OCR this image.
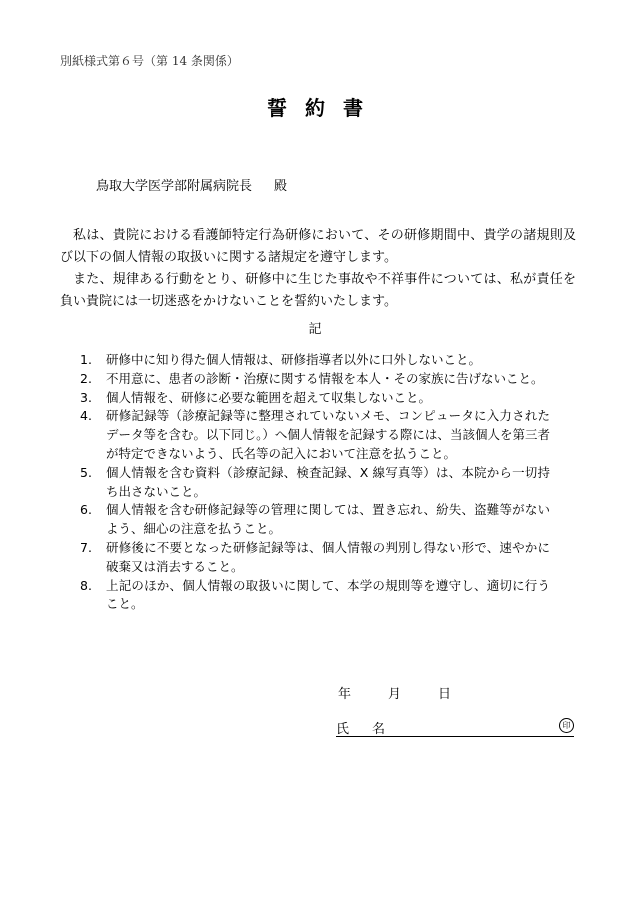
別紙様式第６号（第 14 条関係）
誓約書
鳥取大学医学部附属病院長 殿

私は、貴院における看護師特定行為研修において、その研修期間中、貴学の諸規則及び以下の個人情報の取扱いに関する諸規定を遵守します。

また、規律ある行動をとり、研修中に生じた事故や不祥事件については、私が責任を負い貴院には一切迷惑をかけないことを誓約いたします。

記
1.	研修中に知り得た個人情報は、研修指導者以外に口外しないこと。
2.	不用意に、患者の診断・治療に関する情報を本人・その家族に告げないこと。
3.	個人情報を、研修に必要な範囲を超えて収集しないこと。
4.	研修記録等（診療記録等に整理されていないメモ、コンピュータに入力されたデータ等を含む。以下同じ。）へ個人情報を記録する際には、当該個人を第三者が特定できないよう、氏名等の記入において注意を払うこと。
5.	個人情報を含む資料（診療記録、検査記録、X 線写真等）は、本院から一切持ち出さないこと。
6.	個人情報を含む研修記録等の管理に関しては、置き忘れ、紛失、盗難等がないよう、細心の注意を払うこと。
7.	研修後に不要となった研修記録等は、個人情報の判別し得ない形で、速やかに破棄又は消去すること。
8.	上記のほか、個人情報の取扱いに関して、本学の規則等を遵守し、適切に行うこと。
年	月	日
氏 名	印
